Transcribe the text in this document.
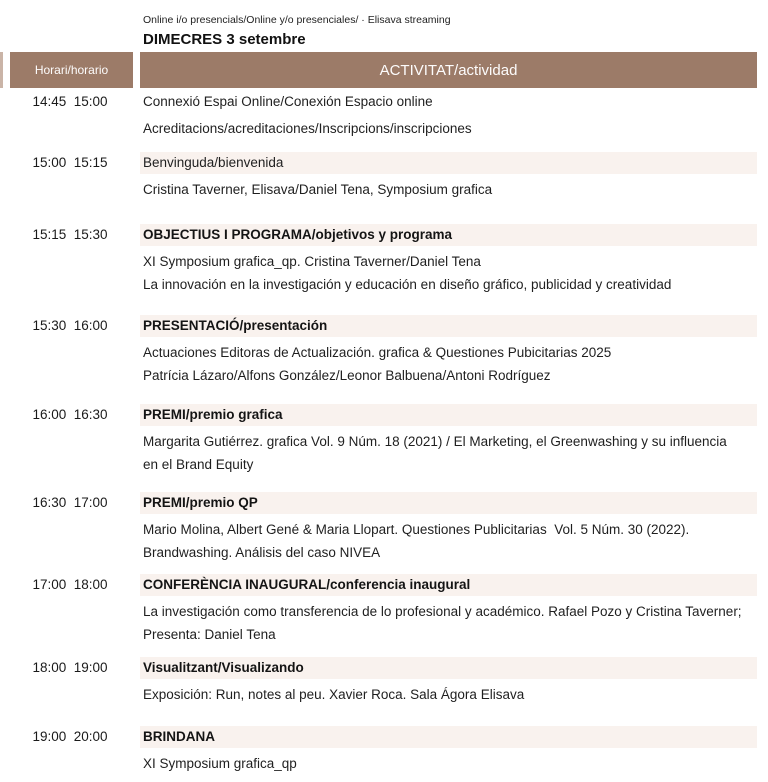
Online i/o presencials/Online y/o presenciales/ · Elisava streaming
DIMECRES 3 setembre
Horari/horario	ACTIVITAT/actividad
14:45  15:00	Connexió Espai Online/Conexión Espacio online
Acreditacions/acreditaciones/Inscripcions/inscripciones
15:00  15:15	Benvinguda/bienvenida
Cristina Taverner, Elisava/Daniel Tena, Symposium grafica
15:15  15:30	OBJECTIUS I PROGRAMA/objetivos y programa
XI Symposium grafica_qp. Cristina Taverner/Daniel Tena
La innovación en la investigación y educación en diseño gráfico, publicidad y creatividad
15:30  16:00	PRESENTACIÓ/presentación
Actuaciones Editoras de Actualización. grafica & Questiones Pubicitarias 2025
Patrícia Lázaro/Alfons González/Leonor Balbuena/Antoni Rodríguez
16:00  16:30	PREMI/premio grafica
Margarita Gutiérrez. grafica Vol. 9 Núm. 18 (2021) / El Marketing, el Greenwashing y su influencia
en el Brand Equity
16:30  17:00	PREMI/premio QP
Mario Molina, Albert Gené & Maria Llopart. Questiones Publicitarias  Vol. 5 Núm. 30 (2022).
Brandwashing. Análisis del caso NIVEA
17:00  18:00	CONFERÈNCIA INAUGURAL/conferencia inaugural
La investigación como transferencia de lo profesional y académico. Rafael Pozo y Cristina Taverner;
Presenta: Daniel Tena
18:00  19:00	Visualitzant/Visualizando
Exposición: Run, notes al peu. Xavier Roca. Sala Ágora Elisava
19:00  20:00	BRINDANA
XI Symposium grafica_qp
